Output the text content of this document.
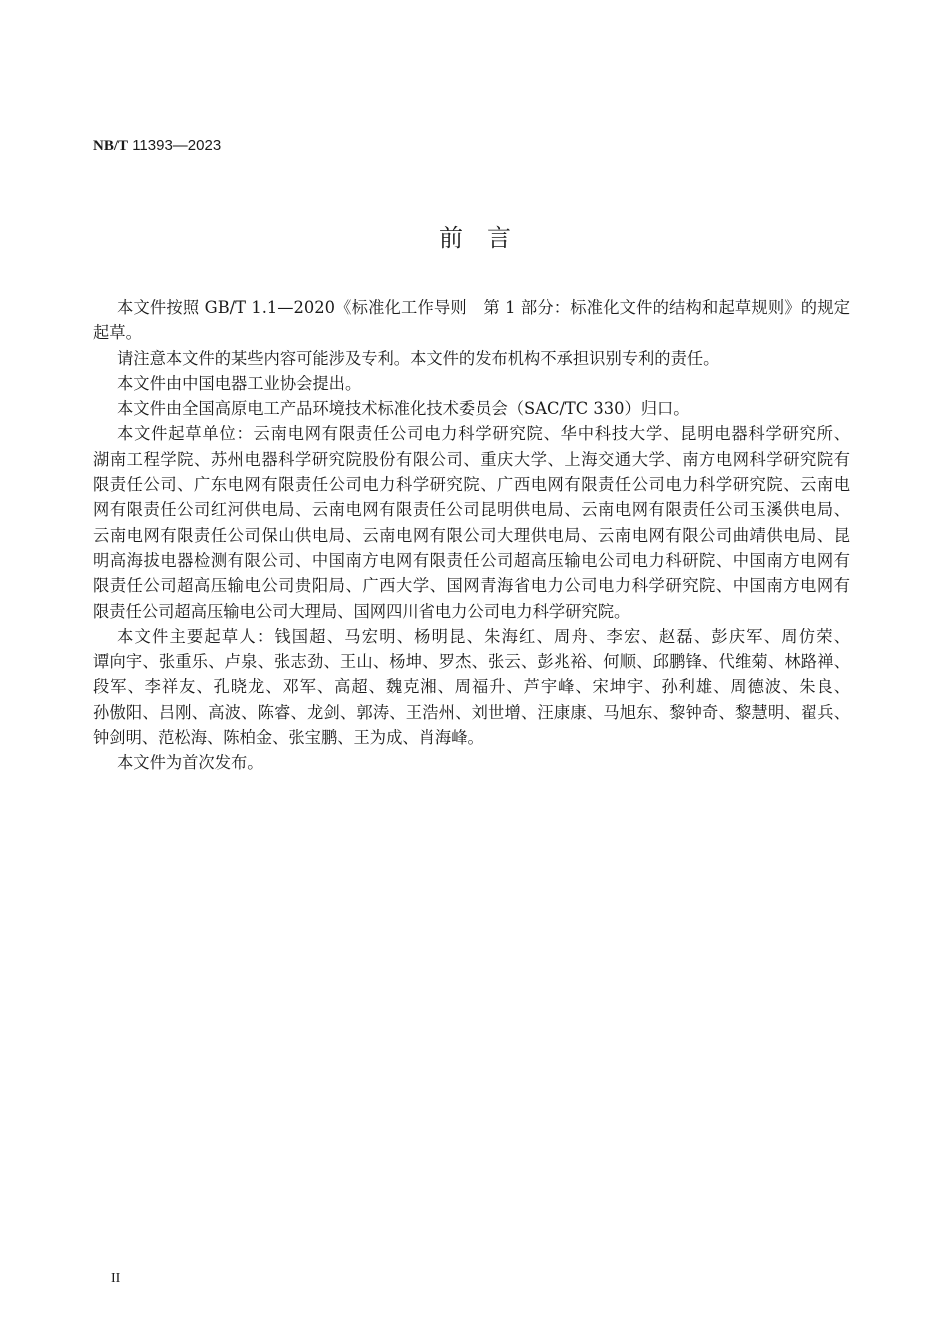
NB/T 11393—2023
前言
本文件按照 GB/T 1.1—2020《标准化工作导则　第 1 部分：标准化文件的结构和起草规则》的规定
起草。
请注意本文件的某些内容可能涉及专利。本文件的发布机构不承担识别专利的责任。
本文件由中国电器工业协会提出。
本文件由全国高原电工产品环境技术标准化技术委员会（SAC/TC 330）归口。
本文件起草单位：云南电网有限责任公司电力科学研究院、华中科技大学、昆明电器科学研究所、
湖南工程学院、苏州电器科学研究院股份有限公司、重庆大学、上海交通大学、南方电网科学研究院有
限责任公司、广东电网有限责任公司电力科学研究院、广西电网有限责任公司电力科学研究院、云南电
网有限责任公司红河供电局、云南电网有限责任公司昆明供电局、云南电网有限责任公司玉溪供电局、
云南电网有限责任公司保山供电局、云南电网有限公司大理供电局、云南电网有限公司曲靖供电局、昆
明高海拔电器检测有限公司、中国南方电网有限责任公司超高压输电公司电力科研院、中国南方电网有
限责任公司超高压输电公司贵阳局、广西大学、国网青海省电力公司电力科学研究院、中国南方电网有
限责任公司超高压输电公司大理局、国网四川省电力公司电力科学研究院。
本文件主要起草人：钱国超、马宏明、杨明昆、朱海红、周舟、李宏、赵磊、彭庆军、周仿荣、
谭向宇、张重乐、卢泉、张志劲、王山、杨坤、罗杰、张云、彭兆裕、何顺、邱鹏锋、代维菊、林路禅、
段军、李祥友、孔晓龙、邓军、高超、魏克湘、周福升、芦宇峰、宋坤宇、孙利雄、周德波、朱良、
孙傲阳、吕刚、高波、陈睿、龙剑、郭涛、王浩州、刘世增、汪康康、马旭东、黎钟奇、黎慧明、翟兵、
钟剑明、范松海、陈柏金、张宝鹏、王为成、肖海峰。
本文件为首次发布。
II
